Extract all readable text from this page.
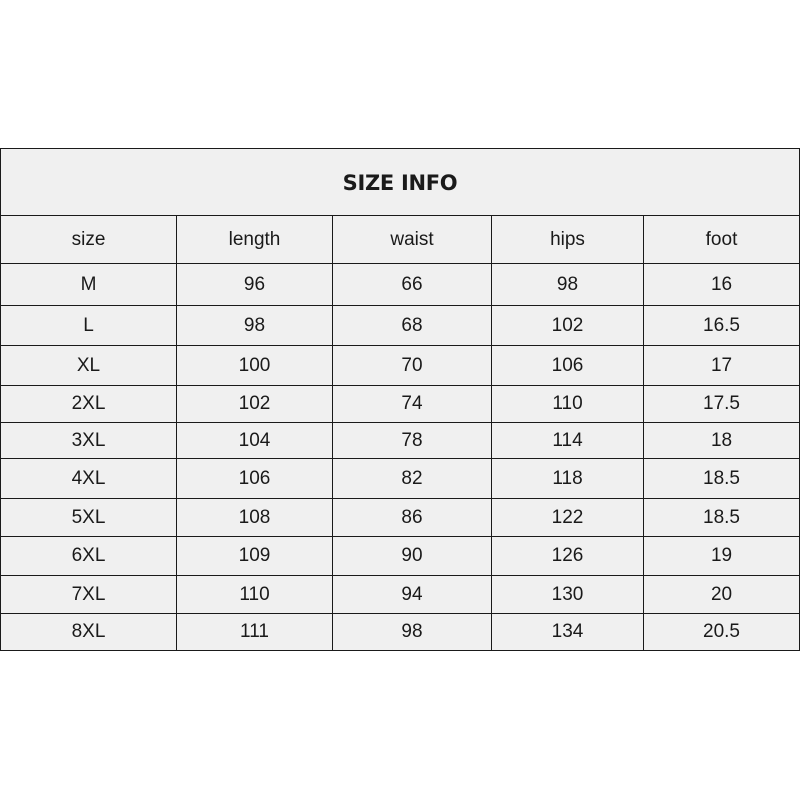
SIZE INFO				
size	length	waist	hips	foot
M	96	66	98	16
L	98	68	102	16.5
XL	100	70	106	17
2XL	102	74	110	17.5
3XL	104	78	114	18
4XL	106	82	118	18.5
5XL	108	86	122	18.5
6XL	109	90	126	19
7XL	110	94	130	20
8XL	111	98	134	20.5
